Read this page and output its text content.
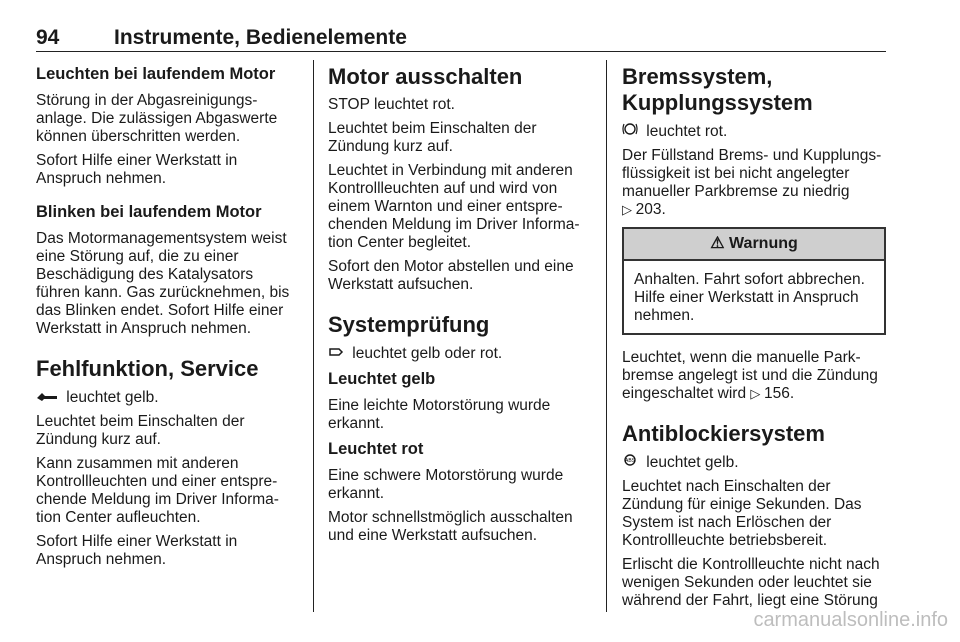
94	Instrumente, Bedienelemente
Leuchten bei laufendem Motor

Störung in der Abgasreinigungs-anlage. Die zulässigen Abgaswerte können überschritten werden.

Sofort Hilfe einer Werkstatt in Anspruch nehmen.

Blinken bei laufendem Motor

Das Motormanagementsystem weist eine Störung auf, die zu einer Beschädigung des Katalysators führen kann. Gas zurücknehmen, bis das Blinken endet. Sofort Hilfe einer Werkstatt in Anspruch nehmen.

Fehlfunktion, Service

leuchtet gelb.

Leuchtet beim Einschalten der Zündung kurz auf.

Kann zusammen mit anderen Kontrollleuchten und einer entspre-chende Meldung im Driver Informa-tion Center aufleuchten.

Sofort Hilfe einer Werkstatt in Anspruch nehmen.

Motor ausschalten

STOP leuchtet rot.

Leuchtet beim Einschalten der Zündung kurz auf.

Leuchtet in Verbindung mit anderen Kontrollleuchten auf und wird von einem Warnton und einer entspre-chenden Meldung im Driver Informa-tion Center begleitet.

Sofort den Motor abstellen und eine Werkstatt aufsuchen.

Systemprüfung

leuchtet gelb oder rot.

Leuchtet gelb

Eine leichte Motorstörung wurde erkannt.

Leuchtet rot

Eine schwere Motorstörung wurde erkannt.

Motor schnellstmöglich ausschalten und eine Werkstatt aufsuchen.

Bremssystem, Kupplungssystem

leuchtet rot.

Der Füllstand Brems- und Kupplungs-flüssigkeit ist bei nicht angelegter manueller Parkbremse zu niedrig
▷ 203.

⚠ Warnung
Anhalten. Fahrt sofort abbrechen. Hilfe einer Werkstatt in Anspruch nehmen.

Leuchtet, wenn die manuelle Park-bremse angelegt ist und die Zündung eingeschaltet wird ▷ 156.

Antiblockiersystem

ABS leuchtet gelb.

Leuchtet nach Einschalten der Zündung für einige Sekunden. Das System ist nach Erlöschen der Kontrollleuchte betriebsbereit.

Erlischt die Kontrollleuchte nicht nach wenigen Sekunden oder leuchtet sie während der Fahrt, liegt eine Störung

carmanualsonline.info
